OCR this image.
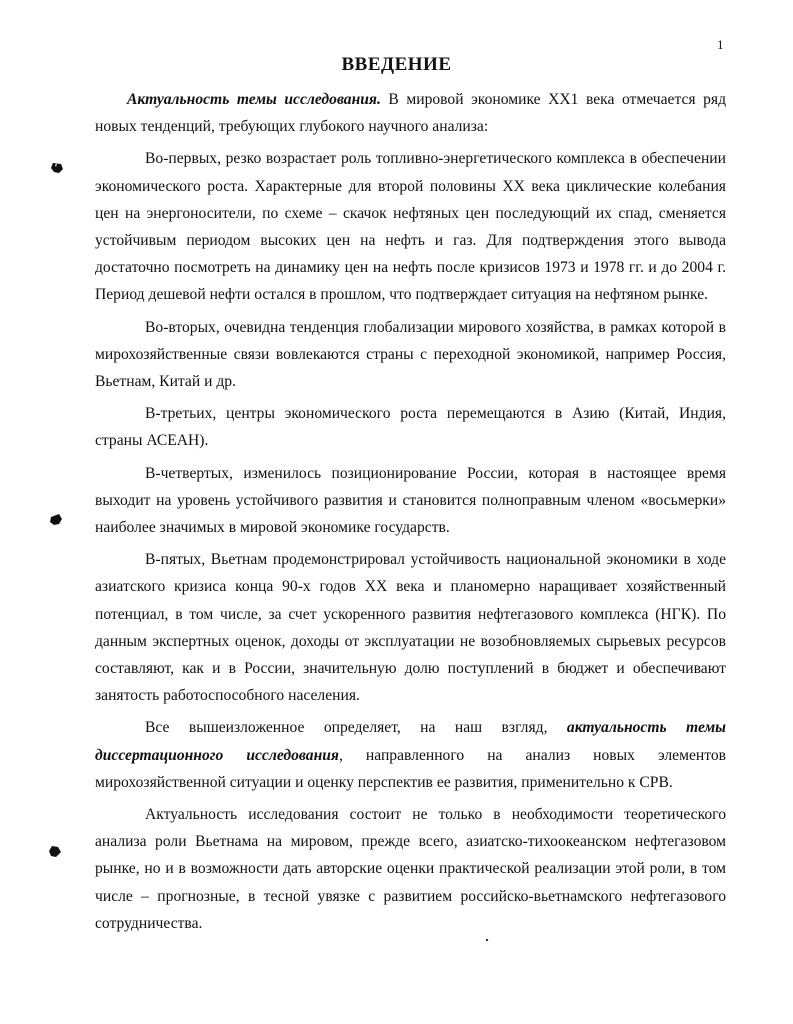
1
ВВЕДЕНИЕ

Актуальность темы исследования. В мировой экономике XX1 века отмечается ряд новых тенденций, требующих глубокого научного анализа:

Во-первых, резко возрастает роль топливно-энергетического комплекса в обеспечении экономического роста. Характерные для второй половины XX века циклические колебания цен на энергоносители, по схеме – скачок нефтяных цен последующий их спад, сменяется устойчивым периодом высоких цен на нефть и газ. Для подтверждения этого вывода достаточно посмотреть на динамику цен на нефть после кризисов 1973 и 1978 гг. и до 2004 г. Период дешевой нефти остался в прошлом, что подтверждает ситуация на нефтяном рынке.

Во-вторых, очевидна тенденция глобализации мирового хозяйства, в рамках которой в мирохозяйственные связи вовлекаются страны с переходной экономикой, например Россия, Вьетнам, Китай и др.

В-третьих, центры экономического роста перемещаются в Азию (Китай, Индия, страны АСЕАН).

В-четвертых, изменилось позиционирование России, которая в настоящее время выходит на уровень устойчивого развития и становится полноправным членом «восьмерки» наиболее значимых в мировой экономике государств.

В-пятых, Вьетнам продемонстрировал устойчивость национальной экономики в ходе азиатского кризиса конца 90-х годов XX века и планомерно наращивает хозяйственный потенциал, в том числе, за счет ускоренного развития нефтегазового комплекса (НГК). По данным экспертных оценок, доходы от эксплуатации не возобновляемых сырьевых ресурсов составляют, как и в России, значительную долю поступлений в бюджет и обеспечивают занятость работоспособного населения.

Все вышеизложенное определяет, на наш взгляд, актуальность темы диссертационного исследования, направленного на анализ новых элементов мирохозяйственной ситуации и оценку перспектив ее развития, применительно к СРВ.

Актуальность исследования состоит не только в необходимости теоретического анализа роли Вьетнама на мировом, прежде всего, азиатско-тихоокеанском нефтегазовом рынке, но и в возможности дать авторские оценки практической реализации этой роли, в том числе – прогнозные, в тесной увязке с развитием российско-вьетнамского нефтегазового сотрудничества.
